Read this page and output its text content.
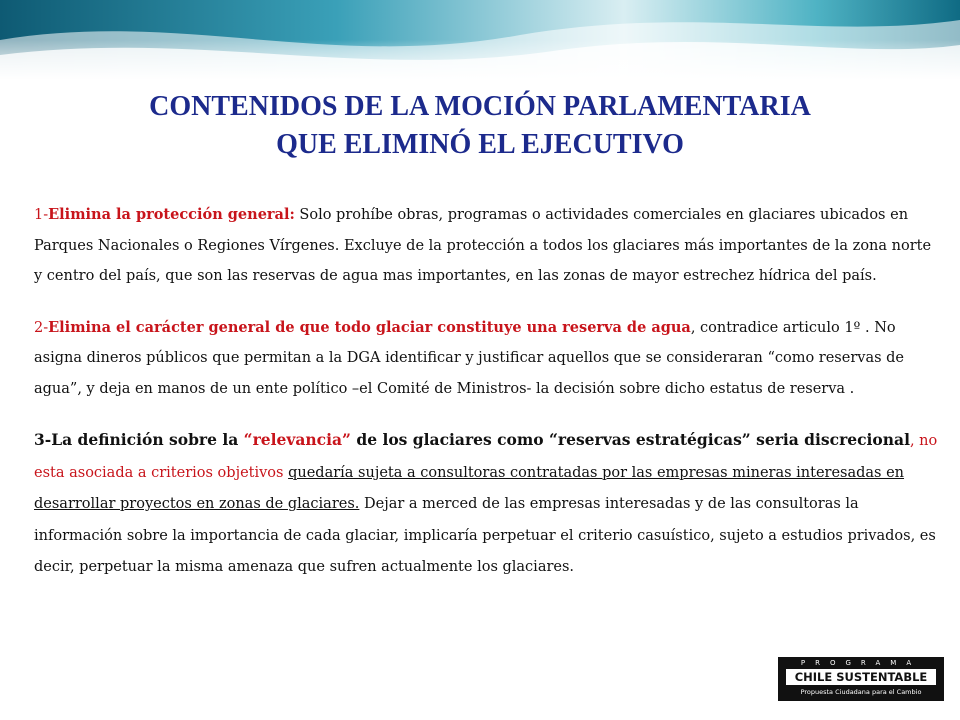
CONTENIDOS DE LA MOCIÓN PARLAMENTARIA
QUE ELIMINÓ EL EJECUTIVO

1-Elimina la protección general: Solo prohíbe obras, programas o actividades comerciales en glaciares ubicados en Parques Nacionales o Regiones Vírgenes. Excluye de la protección a todos los glaciares más importantes de la zona norte y centro del país, que son las reservas de agua mas importantes, en las zonas de mayor estrechez hídrica del país.

2-Elimina el carácter general de que todo glaciar constituye una reserva de agua, contradice articulo 1º . No asigna dineros públicos que permitan a la DGA identificar y justificar aquellos que se consideraran “como reservas de agua”, y deja en manos de un ente político –el Comité de Ministros- la decisión sobre dicho estatus de reserva .

3-La definición sobre la “relevancia” de los glaciares como “reservas estratégicas” seria discrecional, no esta asociada a criterios objetivos quedaría sujeta a consultoras contratadas por las empresas mineras interesadas en desarrollar proyectos en zonas de glaciares. Dejar a merced de las empresas interesadas y de las consultoras la información sobre la importancia de cada glaciar, implicaría perpetuar el criterio casuístico, sujeto a estudios privados, es decir, perpetuar la misma amenaza que sufren actualmente los glaciares.

PROGRAMA
CHILE SUSTENTABLE
Propuesta Ciudadana para el Cambio
